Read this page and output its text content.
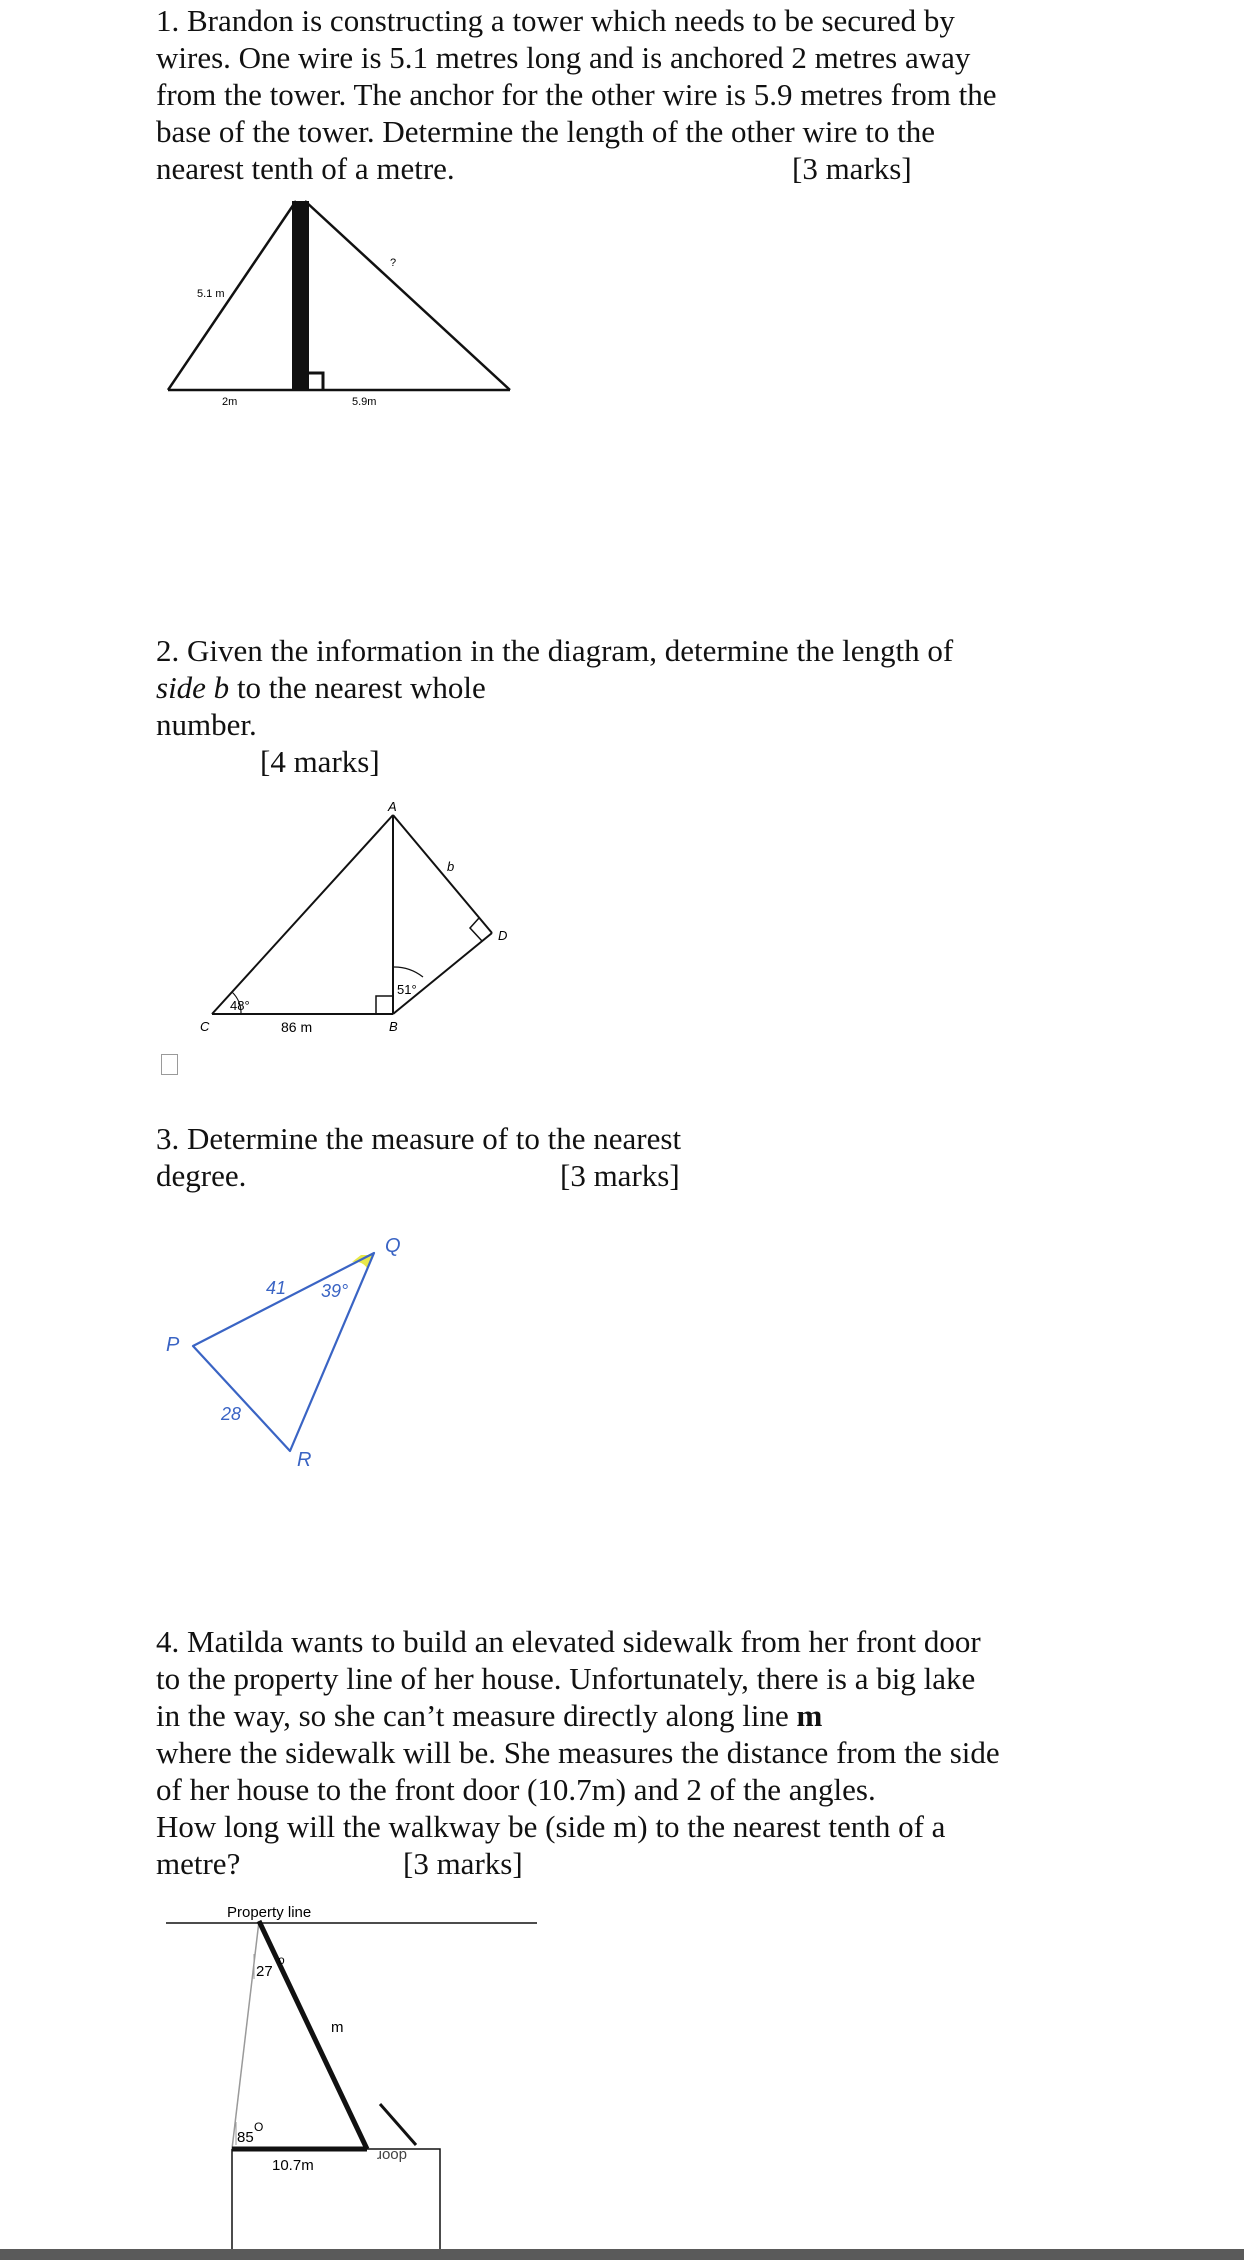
1. Brandon is constructing a tower which needs to be secured by wires. One wire is 5.1 metres long and is anchored 2 metres away from the tower. The anchor for the other wire is 5.9 metres from the base of the tower. Determine the length of the other wire to the nearest tenth of a metre.	[3 marks]
5.1 m
?
2m	5.9m
2. Given the information in the diagram, determine the length of
side b to the nearest whole
number.
[4 marks]
A
B
C
D
b
48°
51°
86 m
3. Determine the measure of to the nearest
degree.	[3 marks]
Q
P
R
41
28
39°
4. Matilda wants to build an elevated sidewalk from her front door to the property line of her house. Unfortunately, there is a big lake in the way, so she can’t measure directly along line m
where the sidewalk will be. She measures the distance from the side of her house to the front door (10.7m) and 2 of the angles.
How long will the walkway be (side m) to the nearest tenth of a metre?	[3 marks]
Property line
27
o
m
85
O
10.7m
door
